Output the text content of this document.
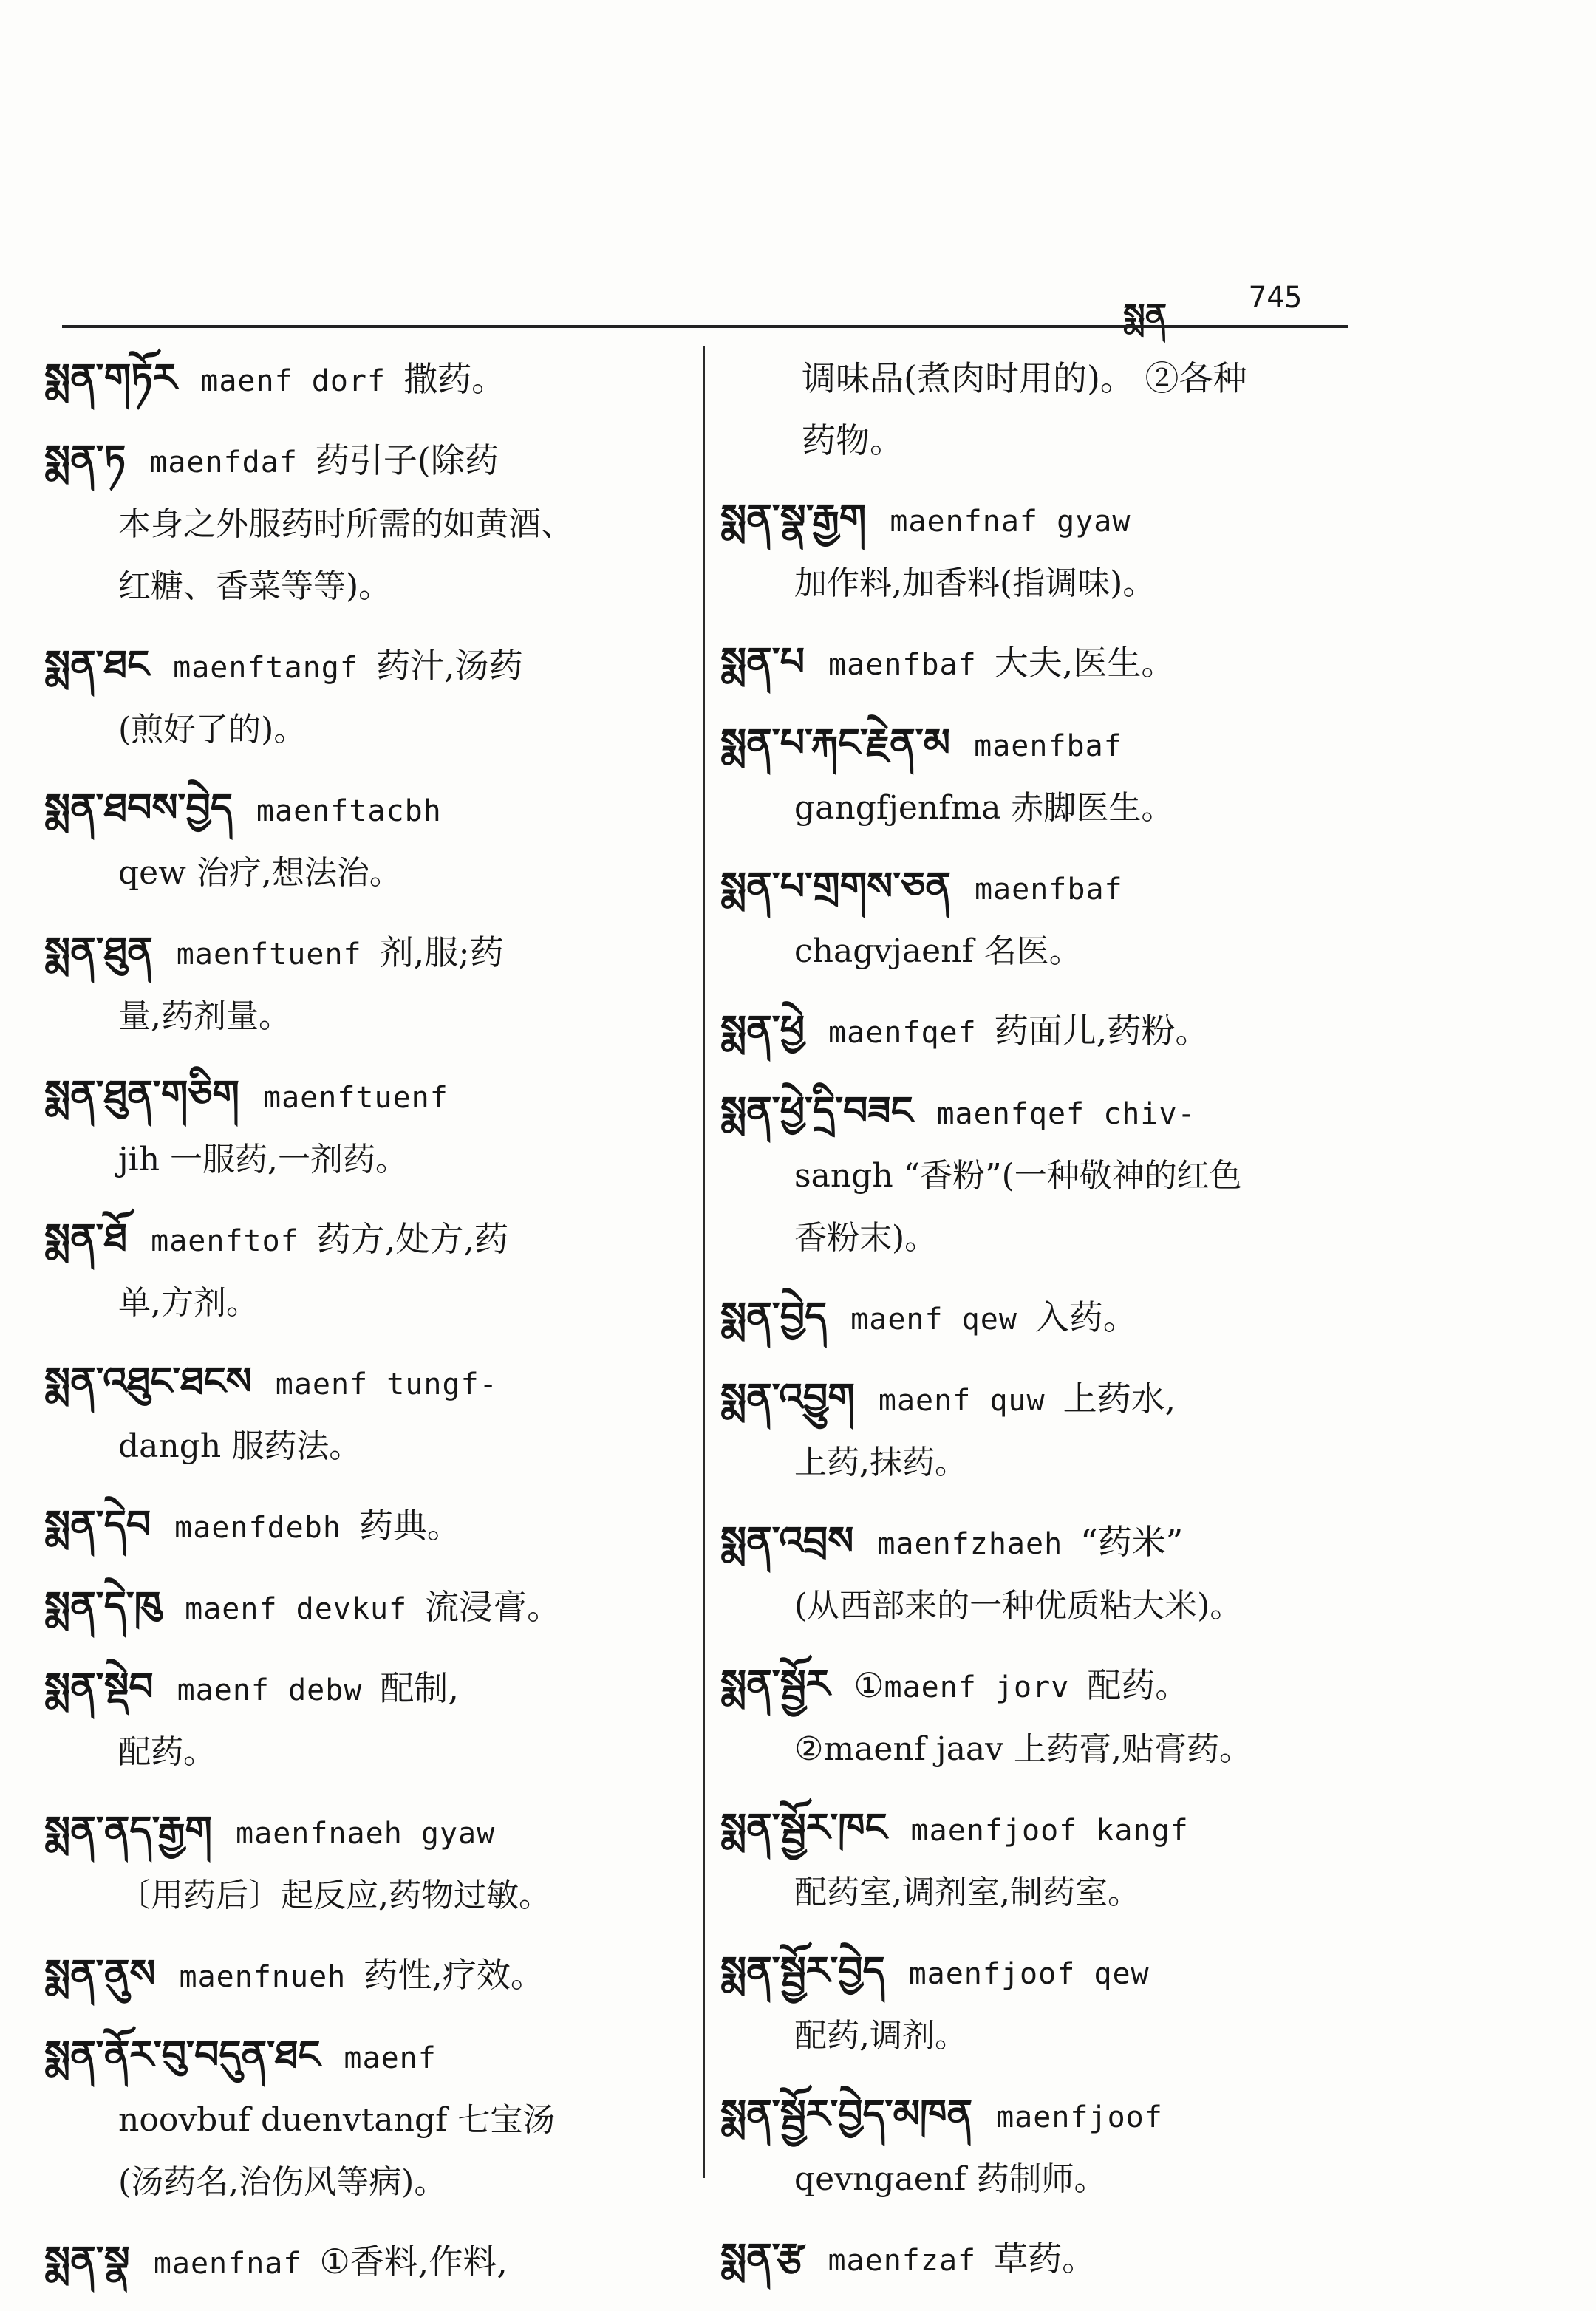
སྨན	745
སྨན་གཏོར maenf dorf 撒药。
སྨན་ཏ maenfdaf 药引子(除药
本身之外服药时所需的如黄酒、
红糖、香菜等等)。
སྨན་ཐང maenftangf 药汁,汤药
(煎好了的)。
སྨན་ཐབས་བྱེད maenftacbh
qew 治疗,想法治。
སྨན་ཐུན maenftuenf 剂,服;药
量,药剂量。
སྨན་ཐུན་གཅིག maenftuenf
jih 一服药,一剂药。
སྨན་ཐོ maenftof 药方,处方,药
单,方剂。
སྨན་འཐུང་ཐངས maenf tungf-
dangh 服药法。
སྨན་དེབ maenfdebh 药典。
སྨན་དེ་ཁུ maenf devkuf 流浸膏。
སྨན་སྡེབ maenf debw 配制,
配药。
སྨན་ནད་རྒྱག maenfnaeh gyaw
〔用药后〕起反应,药物过敏。
སྨན་ནུས maenfnueh 药性,疗效。
སྨན་ནོར་བུ་བདུན་ཐང maenf
noovbuf duenvtangf 七宝汤
(汤药名,治伤风等病)。
སྨན་སྣ maenfnaf ①香料,作料,
调味品(煮肉时用的)。 ②各种
药物。
སྨན་སྣ་རྒྱག maenfnaf gyaw
加作料,加香料(指调味)。
སྨན་པ maenfbaf 大夫,医生。
སྨན་པ་རྐང་རྗེན་མ maenfbaf
gangfjenfma 赤脚医生。
སྨན་པ་གྲགས་ཅན maenfbaf
chagvjaenf 名医。
སྨན་ཕྱེ maenfqef 药面儿,药粉。
སྨན་ཕྱེ་དྲི་བཟང maenfqef chiv-
sangh “香粉”(一种敬神的红色
香粉末)。
སྨན་བྱེད maenf qew 入药。
སྨན་འབྱུག maenf quw 上药水,
上药,抹药。
སྨན་འབྲས maenfzhaeh “药米”
(从西部来的一种优质粘大米)。
སྨན་སྦྱོར ①maenf jorv 配药。
②maenf jaav 上药膏,贴膏药。
སྨན་སྦྱོར་ཁང maenfjoof kangf
配药室,调剂室,制药室。
སྨན་སྦྱོར་བྱེད maenfjoof qew
配药,调剂。
སྨན་སྦྱོར་བྱེད་མཁན maenfjoof
qevngaenf 药制师。
སྨན་རྩ maenfzaf 草药。
